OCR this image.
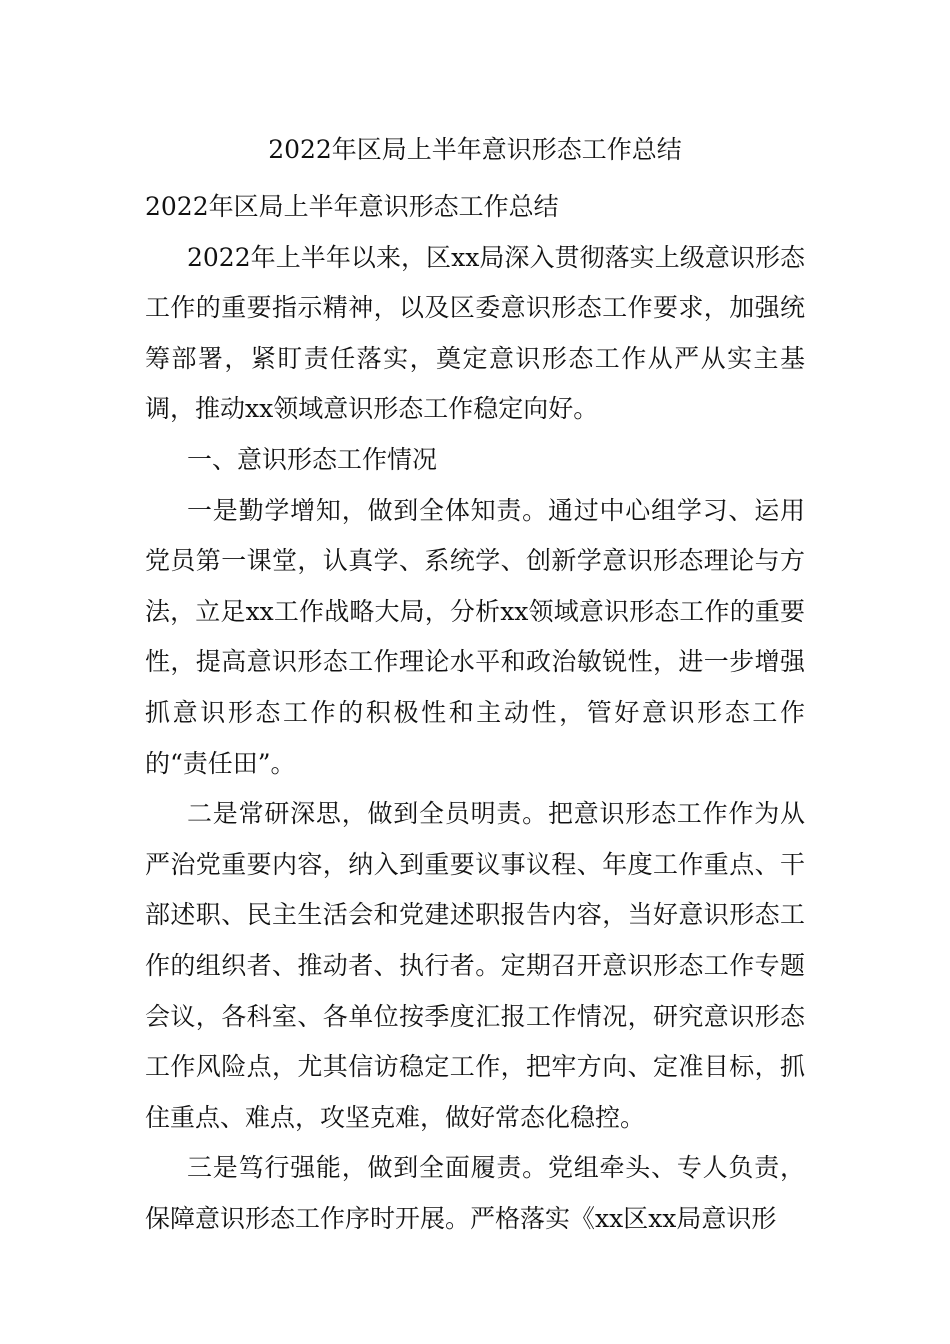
2022年区局上半年意识形态工作总结

2022年区局上半年意识形态工作总结

2022年上半年以来，区xx局深入贯彻落实上级意识形态工作的重要指示精神，以及区委意识形态工作要求，加强统筹部署，紧盯责任落实，奠定意识形态工作从严从实主基调，推动xx领域意识形态工作稳定向好。

一、意识形态工作情况

一是勤学增知，做到全体知责。通过中心组学习、运用党员第一课堂，认真学、系统学、创新学意识形态理论与方法，立足xx工作战略大局，分析xx领域意识形态工作的重要性，提高意识形态工作理论水平和政治敏锐性，进一步增强抓意识形态工作的积极性和主动性，管好意识形态工作的“责任田”。

二是常研深思，做到全员明责。把意识形态工作作为从严治党重要内容，纳入到重要议事议程、年度工作重点、干部述职、民主生活会和党建述职报告内容，当好意识形态工作的组织者、推动者、执行者。定期召开意识形态工作专题会议，各科室、各单位按季度汇报工作情况，研究意识形态工作风险点，尤其信访稳定工作，把牢方向、定准目标，抓住重点、难点，攻坚克难，做好常态化稳控。

三是笃行强能，做到全面履责。党组牵头、专人负责，保障意识形态工作序时开展。严格落实《xx区xx局意识形
